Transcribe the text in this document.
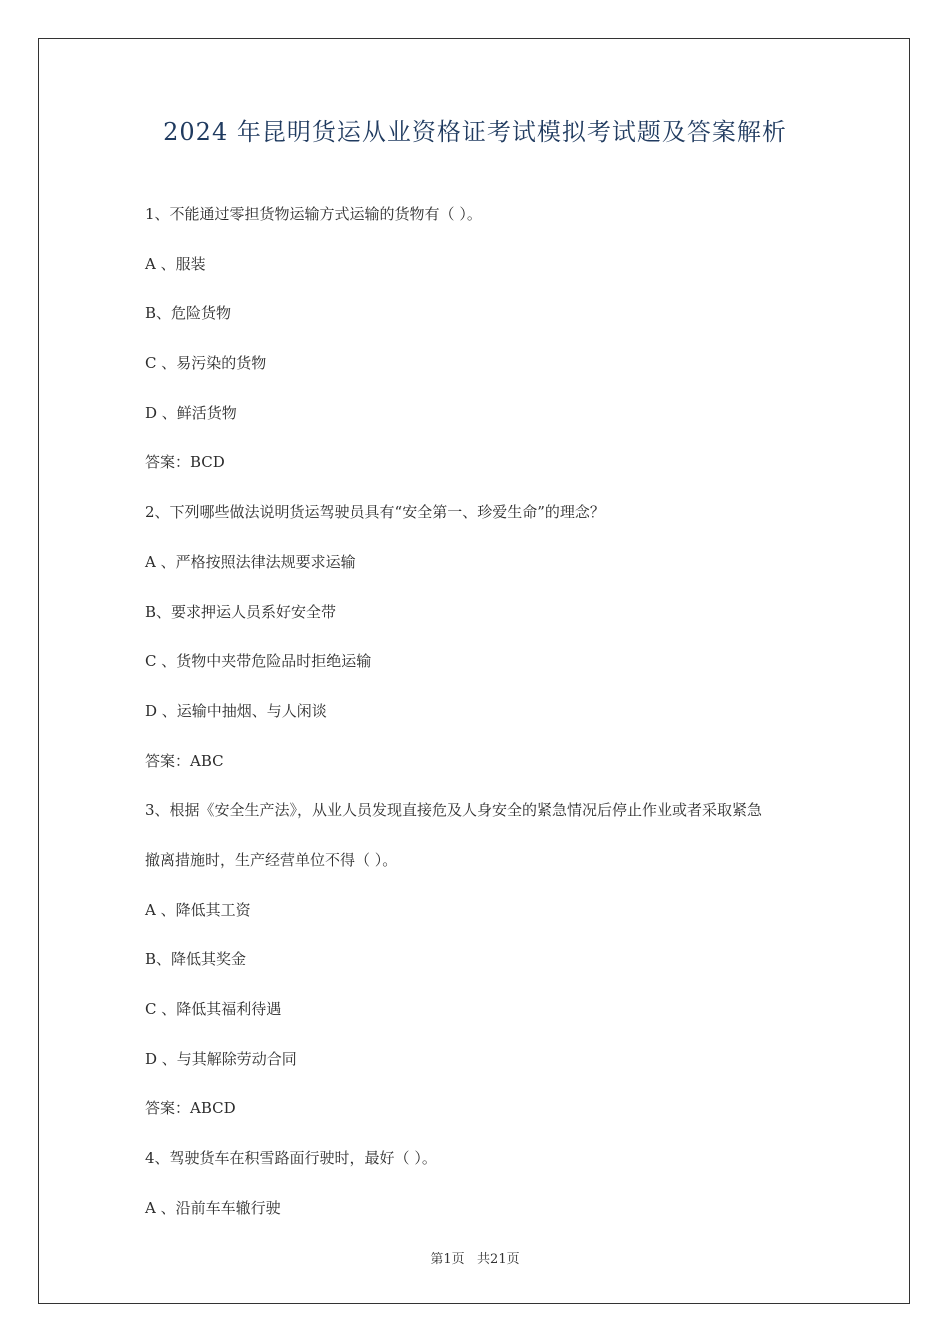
2024 年昆明货运从业资格证考试模拟考试题及答案解析
1、不能通过零担货物运输方式运输的货物有（ ）。
A 、服装
B、危险货物
C 、易污染的货物
D 、鲜活货物
答案：BCD
2、下列哪些做法说明货运驾驶员具有“安全第一、珍爱生命”的理念？
A 、严格按照法律法规要求运输
B、要求押运人员系好安全带
C 、货物中夹带危险品时拒绝运输
D 、运输中抽烟、与人闲谈
答案：ABC
3、根据《安全生产法》，从业人员发现直接危及人身安全的紧急情况后停止作业或者采取紧急
撤离措施时，生产经营单位不得（ ）。
A 、降低其工资
B、降低其奖金
C 、降低其福利待遇
D 、与其解除劳动合同
答案：ABCD
4、驾驶货车在积雪路面行驶时，最好（ ）。
A 、沿前车车辙行驶
第1页   共21页
